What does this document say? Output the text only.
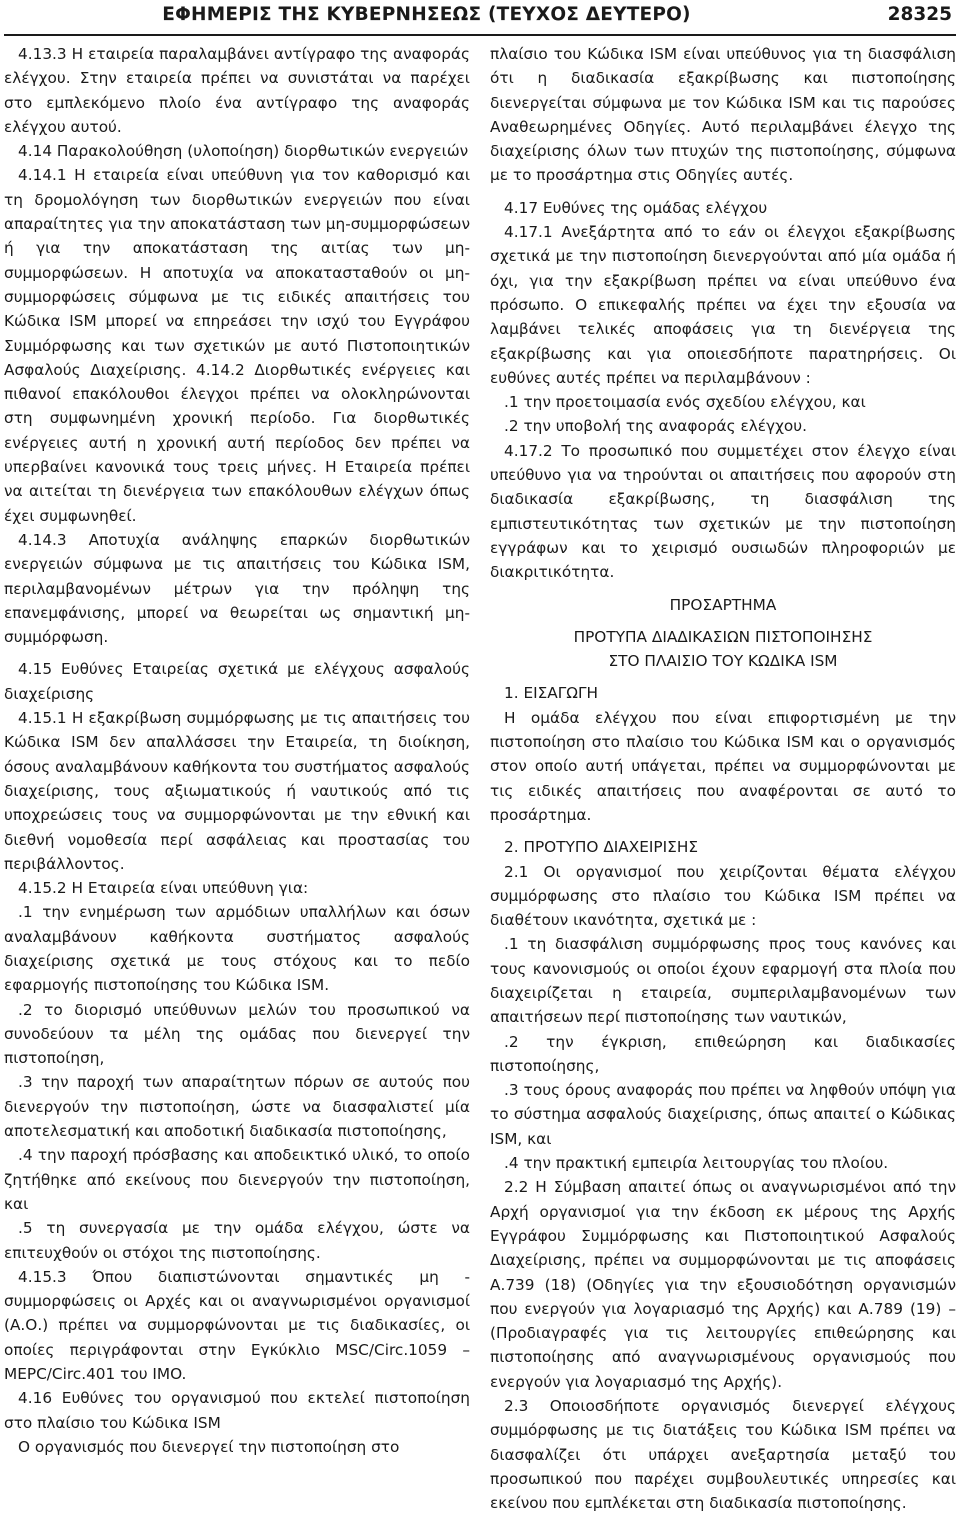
ΕΦΗΜΕΡΙΣ ΤΗΣ ΚΥΒΕΡΝΗΣΕΩΣ (ΤΕΥΧΟΣ ΔΕΥΤΕΡΟ)	28325

4.13.3 Η εταιρεία παραλαμβάνει αντίγραφο της αναφοράς ελέγχου. Στην εταιρεία πρέπει να συνιστάται να παρέχει στο εμπλεκόμενο πλοίο ένα αντίγραφο της αναφοράς ελέγχου αυτού.

4.14 Παρακολούθηση (υλοποίηση) διορθωτικών ενεργειών

4.14.1 Η εταιρεία είναι υπεύθυνη για τον καθορισμό και τη δρομολόγηση των διορθωτικών ενεργειών που είναι απαραίτητες για την αποκατάσταση των μη-συμμορφώσεων ή για την αποκατάσταση της αιτίας των μη-συμμορφώσεων. Η αποτυχία να αποκατασταθούν οι μη-συμμορφώσεις σύμφωνα με τις ειδικές απαιτήσεις του Κώδικα ISM μπορεί να επηρεάσει την ισχύ του Εγγράφου Συμμόρφωσης και των σχετικών με αυτό Πιστοποιητικών Ασφαλούς Διαχείρισης. 4.14.2 Διορθωτικές ενέργειες και πιθανοί επακόλουθοι έλεγχοι πρέπει να ολοκληρώνονται στη συμφωνημένη χρονική περίοδο. Για διορθωτικές ενέργειες αυτή η χρονική αυτή περίοδος δεν πρέπει να υπερβαίνει κανονικά τους τρεις μήνες. Η Εταιρεία πρέπει να αιτείται τη διενέργεια των επακόλουθων ελέγχων όπως έχει συμφωνηθεί.

4.14.3 Αποτυχία ανάληψης επαρκών διορθωτικών ενεργειών σύμφωνα με τις απαιτήσεις του Κώδικα ISM, περιλαμβανομένων μέτρων για την πρόληψη της επανεμφάνισης, μπορεί να θεωρείται ως σημαντική μη-συμμόρφωση.

4.15 Ευθύνες Εταιρείας σχετικά με ελέγχους ασφαλούς διαχείρισης

4.15.1 Η εξακρίβωση συμμόρφωσης με τις απαιτήσεις του Κώδικα ISM δεν απαλλάσσει την Εταιρεία, τη διοίκηση, όσους αναλαμβάνουν καθήκοντα του συστήματος ασφαλούς διαχείρισης, τους αξιωματικούς ή ναυτικούς από τις υποχρεώσεις τους να συμμορφώνονται με την εθνική και διεθνή νομοθεσία περί ασφάλειας και προστασίας του περιβάλλοντος.

4.15.2 Η Εταιρεία είναι υπεύθυνη για:

.1 την ενημέρωση των αρμόδιων υπαλλήλων και όσων αναλαμβάνουν καθήκοντα συστήματος ασφαλούς διαχείρισης σχετικά με τους στόχους και το πεδίο εφαρμογής πιστοποίησης του Κώδικα ISM.

.2 το διορισμό υπεύθυνων μελών του προσωπικού να συνοδεύουν τα μέλη της ομάδας που διενεργεί την πιστοποίηση,

.3 την παροχή των απαραίτητων πόρων σε αυτούς που διενεργούν την πιστοποίηση, ώστε να διασφαλιστεί μία αποτελεσματική και αποδοτική διαδικασία πιστοποίησης,

.4 την παροχή πρόσβασης και αποδεικτικό υλικό, το οποίο ζητήθηκε από εκείνους που διενεργούν την πιστοποίηση, και

.5 τη συνεργασία με την ομάδα ελέγχου, ώστε να επιτευχθούν οι στόχοι της πιστοποίησης.

4.15.3 Όπου διαπιστώνονται σημαντικές μη - συμμορφώσεις οι Αρχές και οι αναγνωρισμένοι οργανισμοί (Α.Ο.) πρέπει να συμμορφώνονται με τις διαδικασίες, οι οποίες περιγράφονται στην Εγκύκλιο MSC/Circ.1059 – MEPC/Circ.401 του IMO.

4.16 Ευθύνες του οργανισμού που εκτελεί πιστοποίηση στο πλαίσιο του Κώδικα ISM

Ο οργανισμός που διενεργεί την πιστοποίηση στο

πλαίσιο του Κώδικα ISM είναι υπεύθυνος για τη διασφάλιση ότι η διαδικασία εξακρίβωσης και πιστοποίησης διενεργείται σύμφωνα με τον Κώδικα ISM και τις παρούσες Αναθεωρημένες Οδηγίες. Αυτό περιλαμβάνει έλεγχο της διαχείρισης όλων των πτυχών της πιστοποίησης, σύμφωνα με το προσάρτημα στις Οδηγίες αυτές.

4.17 Ευθύνες της ομάδας ελέγχου

4.17.1 Ανεξάρτητα από το εάν οι έλεγχοι εξακρίβωσης σχετικά με την πιστοποίηση διενεργούνται από μία ομάδα ή όχι, για την εξακρίβωση πρέπει να είναι υπεύθυνο ένα πρόσωπο. Ο επικεφαλής πρέπει να έχει την εξουσία να λαμβάνει τελικές αποφάσεις για τη διενέργεια της εξακρίβωσης και για οποιεσδήποτε παρατηρήσεις. Οι ευθύνες αυτές πρέπει να περιλαμβάνουν :

.1 την προετοιμασία ενός σχεδίου ελέγχου, και

.2 την υποβολή της αναφοράς ελέγχου.

4.17.2 Το προσωπικό που συμμετέχει στον έλεγχο είναι υπεύθυνο για να τηρούνται οι απαιτήσεις που αφορούν στη διαδικασία εξακρίβωσης, τη διασφάλιση της εμπιστευτικότητας των σχετικών με την πιστοποίηση εγγράφων και το χειρισμό ουσιωδών πληροφοριών με διακριτικότητα.

ΠΡΟΣΑΡΤΗΜΑ

ΠΡΟΤΥΠΑ ΔΙΑΔΙΚΑΣΙΩΝ ΠΙΣΤΟΠΟΙΗΣΗΣ

ΣΤΟ ΠΛΑΙΣΙΟ ΤΟΥ ΚΩΔΙΚΑ ISM

1. ΕΙΣΑΓΩΓΗ

Η ομάδα ελέγχου που είναι επιφορτισμένη με την πιστοποίηση στο πλαίσιο του Κώδικα ISM και ο οργανισμός στον οποίο αυτή υπάγεται, πρέπει να συμμορφώνονται με τις ειδικές απαιτήσεις που αναφέρονται σε αυτό το προσάρτημα.

2. ΠΡΟΤΥΠΟ ΔΙΑΧΕΙΡΙΣΗΣ

2.1 Οι οργανισμοί που χειρίζονται θέματα ελέγχου συμμόρφωσης στο πλαίσιο του Κώδικα ISM πρέπει να διαθέτουν ικανότητα, σχετικά με :

.1 τη διασφάλιση συμμόρφωσης προς τους κανόνες και τους κανονισμούς οι οποίοι έχουν εφαρμογή στα πλοία που διαχειρίζεται η εταιρεία, συμπεριλαμβανομένων των απαιτήσεων περί πιστοποίησης των ναυτικών,

.2 την έγκριση, επιθεώρηση και διαδικασίες πιστοποίησης,

.3 τους όρους αναφοράς που πρέπει να ληφθούν υπόψη για το σύστημα ασφαλούς διαχείρισης, όπως απαιτεί ο Κώδικας ISM, και

.4 την πρακτική εμπειρία λειτουργίας του πλοίου.

2.2 Η Σύμβαση απαιτεί όπως οι αναγνωρισμένοι από την Αρχή οργανισμοί για την έκδοση εκ μέρους της Αρχής Εγγράφου Συμμόρφωσης και Πιστοποιητικού Ασφαλούς Διαχείρισης, πρέπει να συμμορφώνονται με τις αποφάσεις Α.739 (18) (Οδηγίες για την εξουσιοδότηση οργανισμών που ενεργούν για λογαριασμό της Αρχής) και Α.789 (19) – (Προδιαγραφές για τις λειτουργίες επιθεώρησης και πιστοποίησης από αναγνωρισμένους οργανισμούς που ενεργούν για λογαριασμό της Αρχής).

2.3 Οποιοσδήποτε οργανισμός διενεργεί ελέγχους συμμόρφωσης με τις διατάξεις του Κώδικα ISM πρέπει να διασφαλίζει ότι υπάρχει ανεξαρτησία μεταξύ του προσωπικού που παρέχει συμβουλευτικές υπηρεσίες και εκείνου που εμπλέκεται στη διαδικασία πιστοποίησης.
